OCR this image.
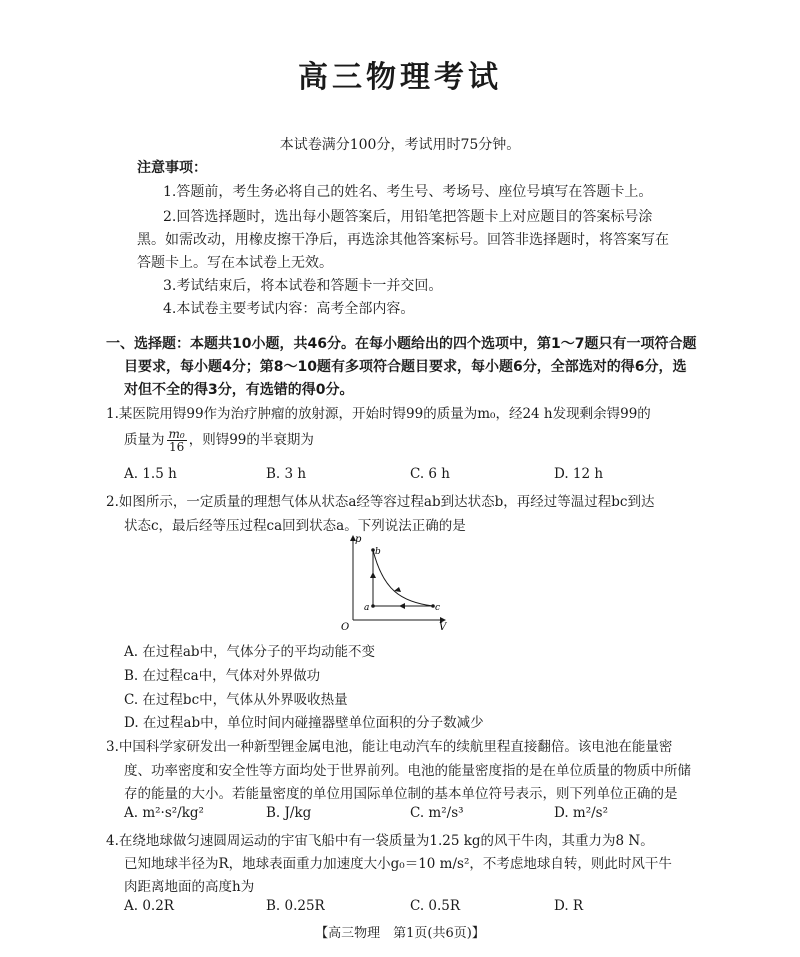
高三物理考试
本试卷满分100分，考试用时75分钟。
注意事项：
1.答题前，考生务必将自己的姓名、考生号、考场号、座位号填写在答题卡上。
2.回答选择题时，选出每小题答案后，用铅笔把答题卡上对应题目的答案标号涂
黑。如需改动，用橡皮擦干净后，再选涂其他答案标号。回答非选择题时，将答案写在
答题卡上。写在本试卷上无效。
3.考试结束后，将本试卷和答题卡一并交回。
4.本试卷主要考试内容：高考全部内容。
一、选择题：本题共10小题，共46分。在每小题给出的四个选项中，第1～7题只有一项符合题
目要求，每小题4分；第8～10题有多项符合题目要求，每小题6分，全部选对的得6分，选
对但不全的得3分，有选错的得0分。
1.某医院用锝99作为治疗肿瘤的放射源，开始时锝99的质量为m₀，经24 h发现剩余锝99的
质量为 $\frac{\text{m₀}}{16}$ ，则锝99的半衰期为
A. 1.5 h	B. 3 h	C. 6 h	D. 12 h
2.如图所示，一定质量的理想气体从状态a经等容过程ab到达状态b，再经过等温过程bc到达
状态c，最后经等压过程ca回到状态a。下列说法正确的是
p
V
O
a
b
c
A. 在过程ab中，气体分子的平均动能不变
B. 在过程ca中，气体对外界做功
C. 在过程bc中，气体从外界吸收热量
D. 在过程ab中，单位时间内碰撞器壁单位面积的分子数减少
3.中国科学家研发出一种新型锂金属电池，能让电动汽车的续航里程直接翻倍。该电池在能量密
度、功率密度和安全性等方面均处于世界前列。电池的能量密度指的是在单位质量的物质中所储
存的能量的大小。若能量密度的单位用国际单位制的基本单位符号表示，则下列单位正确的是
A. m²·s²/kg²	B. J/kg	C. m²/s³	D. m²/s²
4.在绕地球做匀速圆周运动的宇宙飞船中有一袋质量为1.25 kg的风干牛肉，其重力为8 N。
已知地球半径为R，地球表面重力加速度大小g₀＝10 m/s²，不考虑地球自转，则此时风干牛
肉距离地面的高度h为
A. 0.2R	B. 0.25R	C. 0.5R	D. R
【高三物理　第1页(共6页)】
